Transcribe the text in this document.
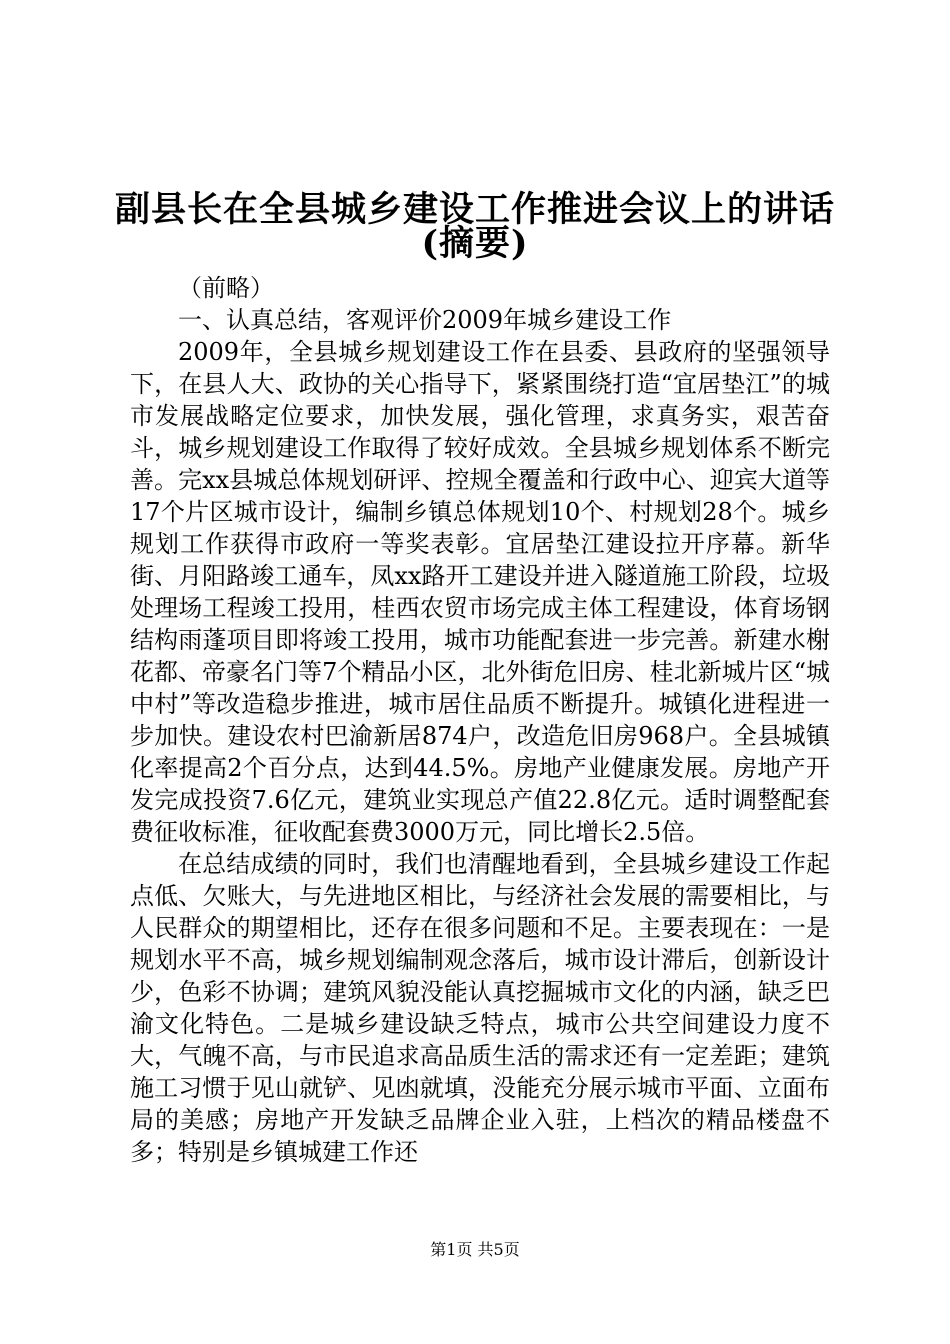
副县长在全县城乡建设工作推进会议上的讲话
(摘要)

（前略）

一、认真总结，客观评价2009年城乡建设工作

2009年，全县城乡规划建设工作在县委、县政府的坚强领导下，在县人大、政协的关心指导下，紧紧围绕打造“宜居垫江”的城市发展战略定位要求，加快发展，强化管理，求真务实，艰苦奋斗，城乡规划建设工作取得了较好成效。全县城乡规划体系不断完善。完xx县城总体规划研评、控规全覆盖和行政中心、迎宾大道等17个片区城市设计，编制乡镇总体规划10个、村规划28个。城乡规划工作获得市政府一等奖表彰。宜居垫江建设拉开序幕。新华街、月阳路竣工通车，凤xx路开工建设并进入隧道施工阶段，垃圾处理场工程竣工投用，桂西农贸市场完成主体工程建设，体育场钢结构雨蓬项目即将竣工投用，城市功能配套进一步完善。新建水榭花都、帝豪名门等7个精品小区，北外街危旧房、桂北新城片区“城中村”等改造稳步推进，城市居住品质不断提升。城镇化进程进一步加快。建设农村巴渝新居874户，改造危旧房968户。全县城镇化率提高2个百分点，达到44.5%。房地产业健康发展。房地产开发完成投资7.6亿元，建筑业实现总产值22.8亿元。适时调整配套费征收标准，征收配套费3000万元，同比增长2.5倍。

在总结成绩的同时，我们也清醒地看到，全县城乡建设工作起点低、欠账大，与先进地区相比，与经济社会发展的需要相比，与人民群众的期望相比，还存在很多问题和不足。主要表现在：一是规划水平不高，城乡规划编制观念落后，城市设计滞后，创新设计少，色彩不协调；建筑风貌没能认真挖掘城市文化的内涵，缺乏巴渝文化特色。二是城乡建设缺乏特点，城市公共空间建设力度不大，气魄不高，与市民追求高品质生活的需求还有一定差距；建筑施工习惯于见山就铲、见凼就填，没能充分展示城市平面、立面布局的美感；房地产开发缺乏品牌企业入驻，上档次的精品楼盘不多；特别是乡镇城建工作还

第1页 共5页
